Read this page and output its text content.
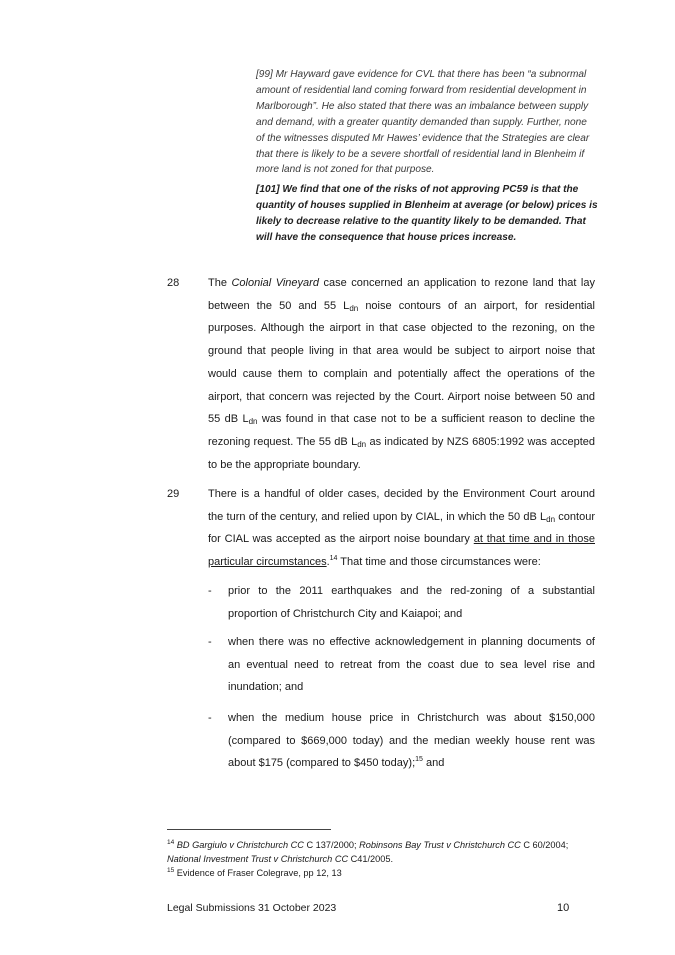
[99] Mr Hayward gave evidence for CVL that there has been “a subnormal amount of residential land coming forward from residential development in Marlborough”. He also stated that there was an imbalance between supply and demand, with a greater quantity demanded than supply. Further, none of the witnesses disputed Mr Hawes’ evidence that the Strategies are clear that there is likely to be a severe shortfall of residential land in Blenheim if more land is not zoned for that purpose.
[101] We find that one of the risks of not approving PC59 is that the quantity of houses supplied in Blenheim at average (or below) prices is likely to decrease relative to the quantity likely to be demanded. That will have the consequence that house prices increase.
28	The Colonial Vineyard case concerned an application to rezone land that lay between the 50 and 55 $L_{dn}$ noise contours of an airport, for residential purposes. Although the airport in that case objected to the rezoning, on the ground that people living in that area would be subject to airport noise that would cause them to complain and potentially affect the operations of the airport, that concern was rejected by the Court. Airport noise between 50 and 55 dB $L_{dn}$ was found in that case not to be a sufficient reason to decline the rezoning request. The 55 dB $L_{dn}$ as indicated by NZS 6805:1992 was accepted to be the appropriate boundary.
29	There is a handful of older cases, decided by the Environment Court around the turn of the century, and relied upon by CIAL, in which the 50 dB $L_{dn}$ contour for CIAL was accepted as the airport noise boundary at that time and in those particular circumstances.$^{14}$ That time and those circumstances were:
- prior to the 2011 earthquakes and the red-zoning of a substantial proportion of Christchurch City and Kaiapoi; and
- when there was no effective acknowledgement in planning documents of an eventual need to retreat from the coast due to sea level rise and inundation; and
- when the medium house price in Christchurch was about $150,000 (compared to $669,000 today) and the median weekly house rent was about $175 (compared to $450 today);$^{15}$ and
$^{14}$ BD Gargiulo v Christchurch CC C 137/2000; Robinsons Bay Trust v Christchurch CC C 60/2004; National Investment Trust v Christchurch CC C41/2005.
$^{15}$ Evidence of Fraser Colegrave, pp 12, 13
Legal Submissions 31 October 2023	10
